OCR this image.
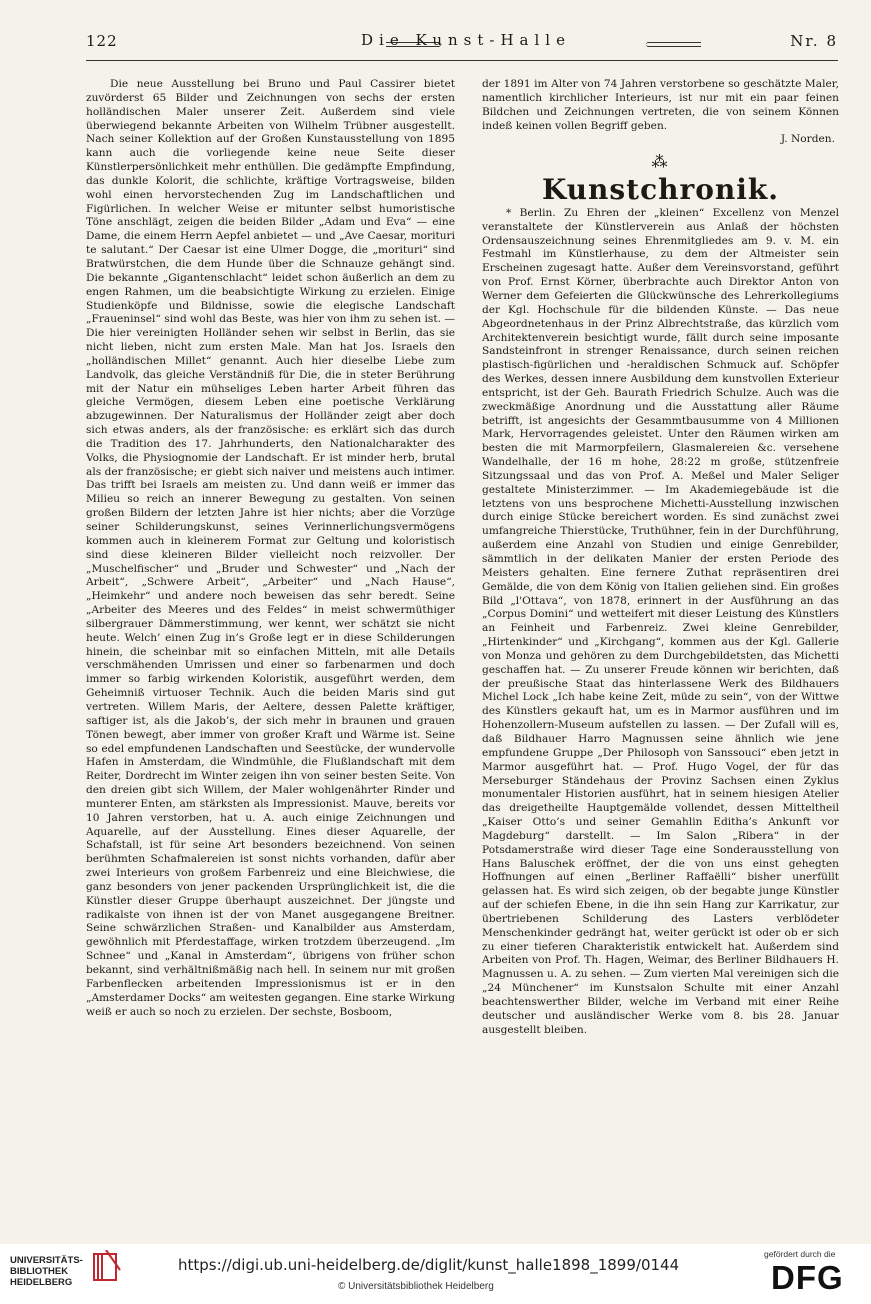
122	Die Kunst-Halle	Nr. 8

Die neue Ausstellung bei Bruno und Paul Cassirer bietet zuvörderst 65 Bilder und Zeichnungen von sechs der ersten holländischen Maler unserer Zeit. Außerdem sind viele überwiegend bekannte Arbeiten von Wilhelm Trübner ausgestellt. Nach seiner Kollektion auf der Großen Kunstausstellung von 1895 kann auch die vorliegende keine neue Seite dieser Künstlerpersönlichkeit mehr enthüllen. Die gedämpfte Empfindung, das dunkle Kolorit, die schlichte, kräftige Vortragsweise, bilden wohl einen hervorstechenden Zug im Landschaftlichen und Figürlichen. In welcher Weise er mitunter selbst humoristische Töne anschlägt, zeigen die beiden Bilder „Adam und Eva“ — eine Dame, die einem Herrn Aepfel anbietet — und „Ave Caesar, morituri te salutant.“ Der Caesar ist eine Ulmer Dogge, die „morituri“ sind Bratwürstchen, die dem Hunde über die Schnauze gehängt sind. Die bekannte „Gigantenschlacht“ leidet schon äußerlich an dem zu engen Rahmen, um die beabsichtigte Wirkung zu erzielen. Einige Studienköpfe und Bildnisse, sowie die elegische Landschaft „Fraueninsel“ sind wohl das Beste, was hier von ihm zu sehen ist. — Die hier vereinigten Holländer sehen wir selbst in Berlin, das sie nicht lieben, nicht zum ersten Male. Man hat Jos. Israels den „holländischen Millet“ genannt. Auch hier dieselbe Liebe zum Landvolk, das gleiche Verständniß für Die, die in steter Berührung mit der Natur ein mühseliges Leben harter Arbeit führen das gleiche Vermögen, diesem Leben eine poetische Verklärung abzugewinnen. Der Naturalismus der Holländer zeigt aber doch sich etwas anders, als der französische: es erklärt sich das durch die Tradition des 17. Jahrhunderts, den Nationalcharakter des Volks, die Physiognomie der Landschaft. Er ist minder herb, brutal als der französische; er giebt sich naiver und meistens auch intimer. Das trifft bei Israels am meisten zu. Und dann weiß er immer das Milieu so reich an innerer Bewegung zu gestalten. Von seinen großen Bildern der letzten Jahre ist hier nichts; aber die Vorzüge seiner Schilderungskunst, seines Verinnerlichungsvermögens kommen auch in kleinerem Format zur Geltung und koloristisch sind diese kleineren Bilder vielleicht noch reizvoller. Der „Muschelfischer“ und „Bruder und Schwester“ und „Nach der Arbeit“, „Schwere Arbeit“, „Arbeiter“ und „Nach Hause“, „Heimkehr“ und andere noch beweisen das sehr beredt. Seine „Arbeiter des Meeres und des Feldes“ in meist schwermüthiger silbergrauer Dämmerstimmung, wer kennt, wer schätzt sie nicht heute. Welch’ einen Zug in’s Große legt er in diese Schilderungen hinein, die scheinbar mit so einfachen Mitteln, mit alle Details verschmähenden Umrissen und einer so farbenarmen und doch immer so farbig wirkenden Koloristik, ausgeführt werden, dem Geheimniß virtuoser Technik. Auch die beiden Maris sind gut vertreten. Willem Maris, der Aeltere, dessen Palette kräftiger, saftiger ist, als die Jakob’s, der sich mehr in braunen und grauen Tönen bewegt, aber immer von großer Kraft und Wärme ist. Seine so edel empfundenen Landschaften und Seestücke, der wundervolle Hafen in Amsterdam, die Windmühle, die Flußlandschaft mit dem Reiter, Dordrecht im Winter zeigen ihn von seiner besten Seite. Von den dreien gibt sich Willem, der Maler wohlgenährter Rinder und munterer Enten, am stärksten als Impressionist. Mauve, bereits vor 10 Jahren verstorben, hat u. A. auch einige Zeichnungen und Aquarelle, auf der Ausstellung. Eines dieser Aquarelle, der Schafstall, ist für seine Art besonders bezeichnend. Von seinen berühmten Schafmalereien ist sonst nichts vorhanden, dafür aber zwei Interieurs von großem Farbenreiz und eine Bleichwiese, die ganz besonders von jener packenden Ursprünglichkeit ist, die die Künstler dieser Gruppe überhaupt auszeichnet. Der jüngste und radikalste von ihnen ist der von Manet ausgegangene Breitner. Seine schwärzlichen Straßen- und Kanalbilder aus Amsterdam, gewöhnlich mit Pferdestaffage, wirken trotzdem überzeugend. „Im Schnee“ und „Kanal in Amsterdam“, übrigens von früher schon bekannt, sind verhältnißmäßig nach hell. In seinem nur mit großen Farbenflecken arbeitenden Impressionismus ist er in den „Amsterdamer Docks“ am weitesten gegangen. Eine starke Wirkung weiß er auch so noch zu erzielen. Der sechste, Bosboom,

der 1891 im Alter von 74 Jahren verstorbene so geschätzte Maler, namentlich kirchlicher Interieurs, ist nur mit ein paar feinen Bildchen und Zeichnungen vertreten, die von seinem Können indeß keinen vollen Begriff geben.

J. Norden.

⁂
Kunstchronik.

* Berlin. Zu Ehren der „kleinen“ Excellenz von Menzel veranstaltete der Künstlerverein aus Anlaß der höchsten Ordensauszeichnung seines Ehrenmitgliedes am 9. v. M. ein Festmahl im Künstlerhause, zu dem der Altmeister sein Erscheinen zugesagt hatte. Außer dem Vereinsvorstand, geführt von Prof. Ernst Körner, überbrachte auch Direktor Anton von Werner dem Gefeierten die Glückwünsche des Lehrerkollegiums der Kgl. Hochschule für die bildenden Künste. — Das neue Abgeordnetenhaus in der Prinz Albrechtstraße, das kürzlich vom Architektenverein besichtigt wurde, fällt durch seine imposante Sandsteinfront in strenger Renaissance, durch seinen reichen plastisch-figürlichen und -heraldischen Schmuck auf. Schöpfer des Werkes, dessen innere Ausbildung dem kunstvollen Exterieur entspricht, ist der Geh. Baurath Friedrich Schulze. Auch was die zweckmäßige Anordnung und die Ausstattung aller Räume betrifft, ist angesichts der Gesammtbausumme von 4 Millionen Mark, Hervorragendes geleistet. Unter den Räumen wirken am besten die mit Marmorpfeilern, Glasmalereien &c. versehene Wandelhalle, der 16 m hohe, 28:22 m große, stützenfreie Sitzungssaal und das von Prof. A. Meßel und Maler Seliger gestaltete Ministerzimmer. — Im Akademiegebäude ist die letztens von uns besprochene Michetti-Ausstellung inzwischen durch einige Stücke bereichert worden. Es sind zunächst zwei umfangreiche Thierstücke, Truthühner, fein in der Durchführung, außerdem eine Anzahl von Studien und einige Genrebilder, sämmtlich in der delikaten Manier der ersten Periode des Meisters gehalten. Eine fernere Zuthat repräsentiren drei Gemälde, die von dem König von Italien geliehen sind. Ein großes Bild „l'Ottava“, von 1878, erinnert in der Ausführung an das „Corpus Domini“ und wetteifert mit dieser Leistung des Künstlers an Feinheit und Farbenreiz. Zwei kleine Genrebilder, „Hirtenkinder“ und „Kirchgang“, kommen aus der Kgl. Gallerie von Monza und gehören zu dem Durchgebildetsten, das Michetti geschaffen hat. — Zu unserer Freude können wir berichten, daß der preußische Staat das hinterlassene Werk des Bildhauers Michel Lock „Ich habe keine Zeit, müde zu sein“, von der Wittwe des Künstlers gekauft hat, um es in Marmor ausführen und im Hohenzollern-Museum aufstellen zu lassen. — Der Zufall will es, daß Bildhauer Harro Magnussen seine ähnlich wie jene empfundene Gruppe „Der Philosoph von Sanssouci“ eben jetzt in Marmor ausgeführt hat. — Prof. Hugo Vogel, der für das Merseburger Ständehaus der Provinz Sachsen einen Zyklus monumentaler Historien ausführt, hat in seinem hiesigen Atelier das dreigetheilte Hauptgemälde vollendet, dessen Mitteltheil „Kaiser Otto’s und seiner Gemahlin Editha’s Ankunft vor Magdeburg“ darstellt. — Im Salon „Ribera“ in der Potsdamerstraße wird dieser Tage eine Sonderausstellung von Hans Baluschek eröffnet, der die von uns einst gehegten Hoffnungen auf einen „Berliner Raffaëlli“ bisher unerfüllt gelassen hat. Es wird sich zeigen, ob der begabte junge Künstler auf der schiefen Ebene, in die ihn sein Hang zur Karrikatur, zur übertriebenen Schilderung des Lasters verblödeter Menschenkinder gedrängt hat, weiter gerückt ist oder ob er sich zu einer tieferen Charakteristik entwickelt hat. Außerdem sind Arbeiten von Prof. Th. Hagen, Weimar, des Berliner Bildhauers H. Magnussen u. A. zu sehen. — Zum vierten Mal vereinigen sich die „24 Münchener“ im Kunstsalon Schulte mit einer Anzahl beachtenswerther Bilder, welche im Verband mit einer Reihe deutscher und ausländischer Werke vom 8. bis 28. Januar ausgestellt bleiben.

UNIVERSITÄTS-
BIBLIOTHEK
HEIDELBERG
https://digi.ub.uni-heidelberg.de/diglit/kunst_halle1898_1899/0144
© Universitätsbibliothek Heidelberg
gefördert durch die
DFG
